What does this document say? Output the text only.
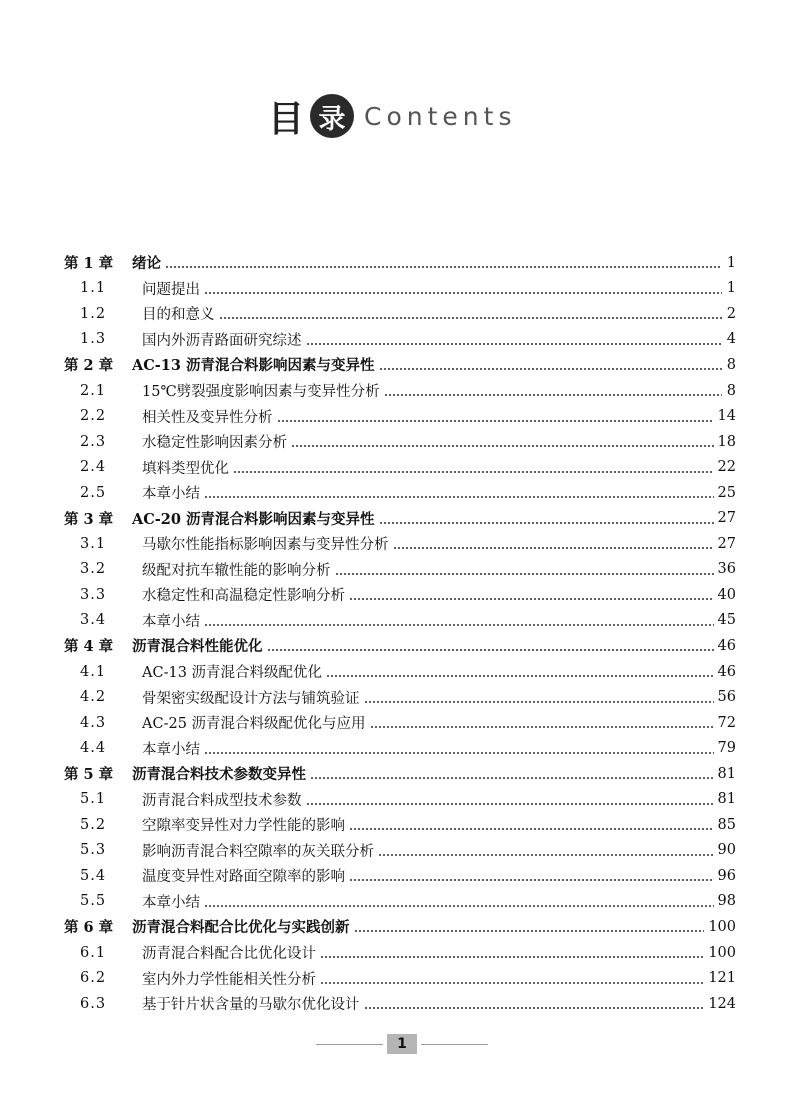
目 录 Contents
第 1 章	绪论	1
1.1	问题提出	1
1.2	目的和意义	2
1.3	国内外沥青路面研究综述	4
第 2 章	AC-13 沥青混合料影响因素与变异性	8
2.1	15℃劈裂强度影响因素与变异性分析	8
2.2	相关性及变异性分析	14
2.3	水稳定性影响因素分析	18
2.4	填料类型优化	22
2.5	本章小结	25
第 3 章	AC-20 沥青混合料影响因素与变异性	27
3.1	马歇尔性能指标影响因素与变异性分析	27
3.2	级配对抗车辙性能的影响分析	36
3.3	水稳定性和高温稳定性影响分析	40
3.4	本章小结	45
第 4 章	沥青混合料性能优化	46
4.1	AC-13 沥青混合料级配优化	46
4.2	骨架密实级配设计方法与铺筑验证	56
4.3	AC-25 沥青混合料级配优化与应用	72
4.4	本章小结	79
第 5 章	沥青混合料技术参数变异性	81
5.1	沥青混合料成型技术参数	81
5.2	空隙率变异性对力学性能的影响	85
5.3	影响沥青混合料空隙率的灰关联分析	90
5.4	温度变异性对路面空隙率的影响	96
5.5	本章小结	98
第 6 章	沥青混合料配合比优化与实践创新	100
6.1	沥青混合料配合比优化设计	100
6.2	室内外力学性能相关性分析	121
6.3	基于针片状含量的马歇尔优化设计	124
1
